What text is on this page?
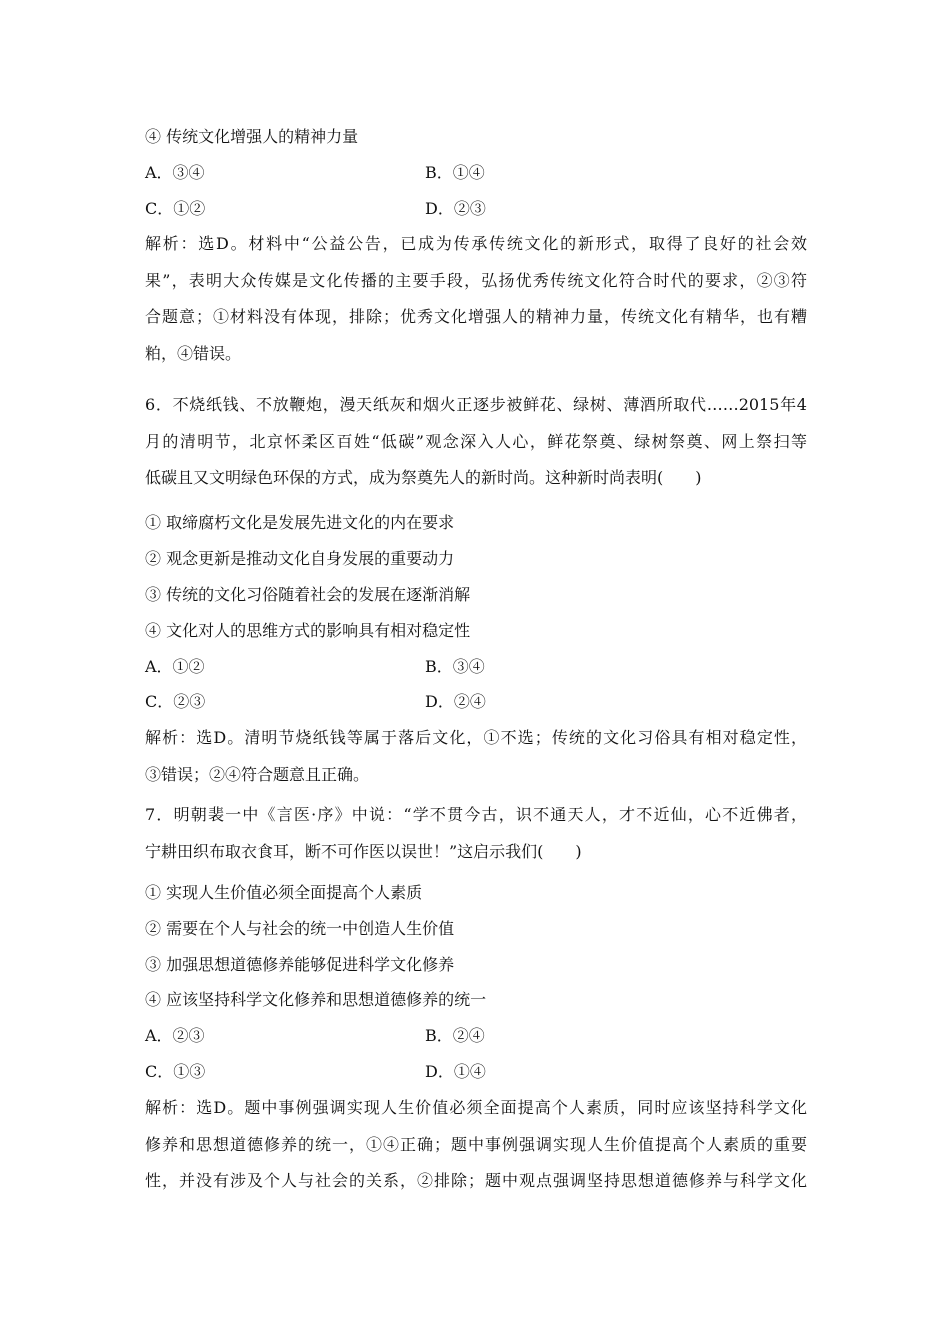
④ 传统文化增强人的精神力量
A．③④	B．①④
C．①②	D．②③
解析：选D。材料中“公益公告，已成为传承传统文化的新形式，取得了良好的社会效
果”，表明大众传媒是文化传播的主要手段，弘扬优秀传统文化符合时代的要求，②③符
合题意；①材料没有体现，排除；优秀文化增强人的精神力量，传统文化有精华，也有糟
粕，④错误。
6．不烧纸钱、不放鞭炮，漫天纸灰和烟火正逐步被鲜花、绿树、薄酒所取代……2015年4
月的清明节，北京怀柔区百姓“低碳”观念深入人心，鲜花祭奠、绿树祭奠、网上祭扫等
低碳且又文明绿色环保的方式，成为祭奠先人的新时尚。这种新时尚表明(　　)
① 取缔腐朽文化是发展先进文化的内在要求
② 观念更新是推动文化自身发展的重要动力
③ 传统的文化习俗随着社会的发展在逐渐消解
④ 文化对人的思维方式的影响具有相对稳定性
A．①②	B．③④
C．②③	D．②④
解析：选D。清明节烧纸钱等属于落后文化，①不选；传统的文化习俗具有相对稳定性，
③错误；②④符合题意且正确。
7．明朝裴一中《言医·序》中说：“学不贯今古，识不通天人，才不近仙，心不近佛者，
宁耕田织布取衣食耳，断不可作医以误世！”这启示我们(　　)
① 实现人生价值必须全面提高个人素质
② 需要在个人与社会的统一中创造人生价值
③ 加强思想道德修养能够促进科学文化修养
④ 应该坚持科学文化修养和思想道德修养的统一
A．②③	B．②④
C．①③	D．①④
解析：选D。题中事例强调实现人生价值必须全面提高个人素质，同时应该坚持科学文化
修养和思想道德修养的统一，①④正确；题中事例强调实现人生价值提高个人素质的重要
性，并没有涉及个人与社会的关系，②排除；题中观点强调坚持思想道德修养与科学文化
